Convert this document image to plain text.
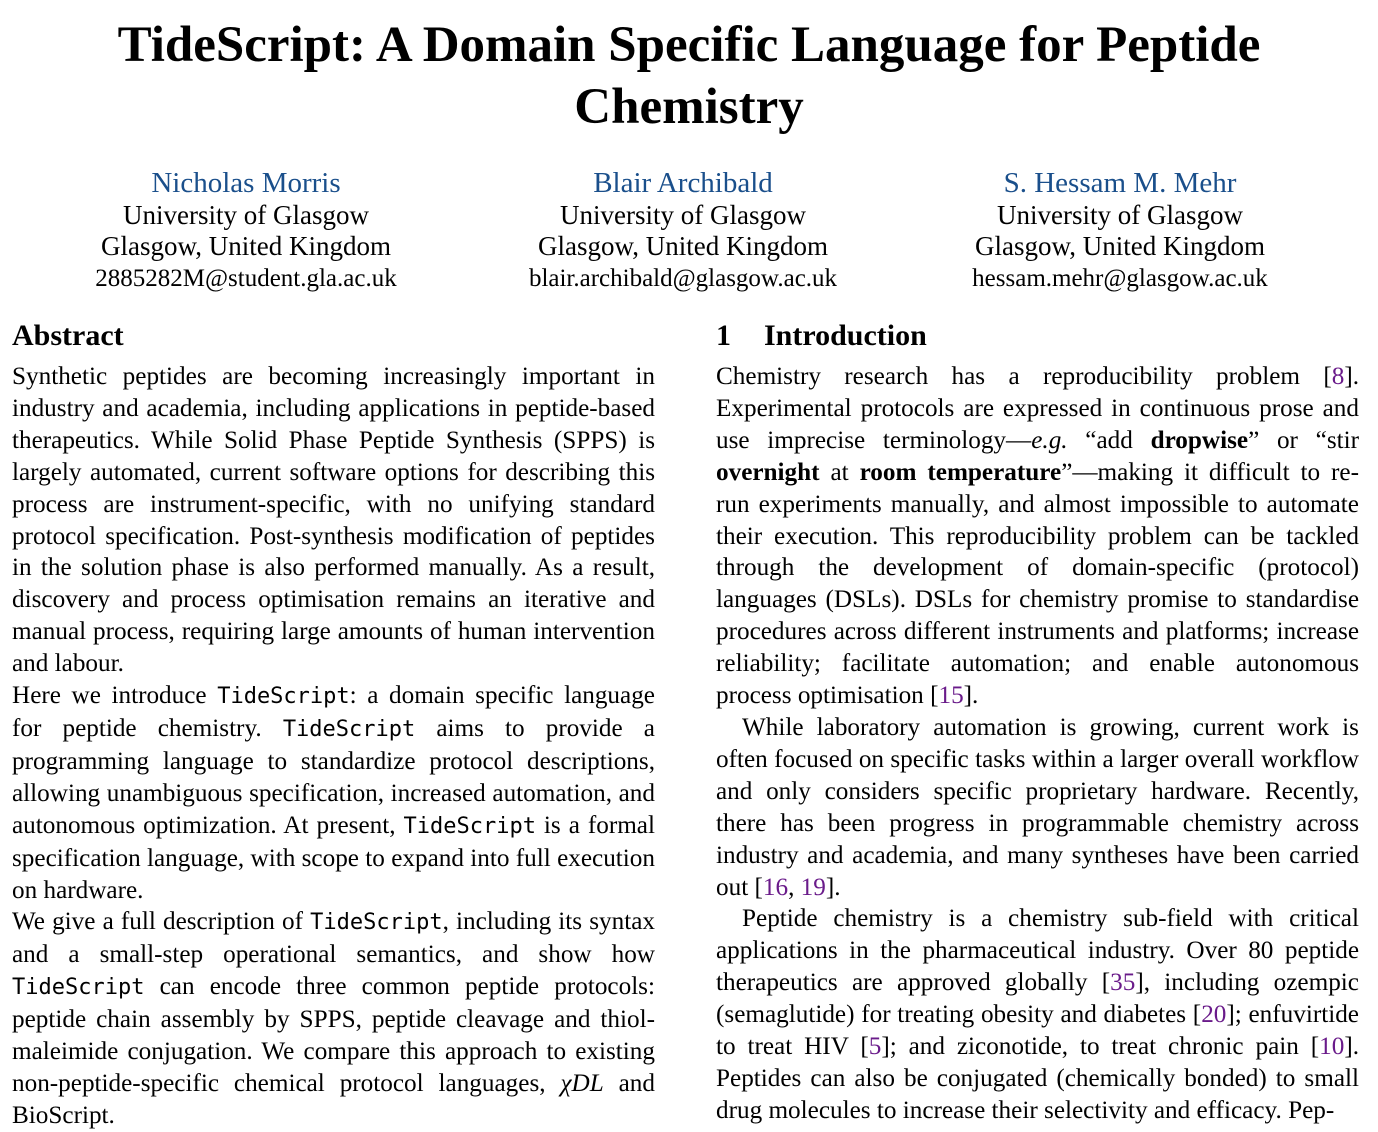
TideScript: A Domain Specific Language for Peptide Chemistry
Nicholas Morris
University of Glasgow
Glasgow, United Kingdom
2885282M@student.gla.ac.uk
Blair Archibald
University of Glasgow
Glasgow, United Kingdom
blair.archibald@glasgow.ac.uk
S. Hessam M. Mehr
University of Glasgow
Glasgow, United Kingdom
hessam.mehr@glasgow.ac.uk
Abstract

Synthetic peptides are becoming increasingly important in industry and academia, including applications in peptide-based therapeutics. While Solid Phase Peptide Synthesis (SPPS) is largely automated, current software options for describing this process are instrument-specific, with no unifying standard protocol specification. Post-synthesis modification of peptides in the solution phase is also performed manually. As a result, discovery and process optimisation remains an iterative and manual process, requiring large amounts of human intervention and labour.

Here we introduce TideScript: a domain specific language for peptide chemistry. TideScript aims to provide a programming language to standardize protocol descriptions, allowing unambiguous specification, increased automation, and autonomous optimization. At present, TideScript is a formal specification language, with scope to expand into full execution on hardware.

We give a full description of TideScript, including its syntax and a small-step operational semantics, and show how TideScript can encode three common peptide protocols: peptide chain assembly by SPPS, peptide cleavage and thiol-maleimide conjugation. We compare this approach to existing non-peptide-specific chemical protocol languages, χDL and BioScript.

1 Introduction

Chemistry research has a reproducibility problem [8]. Experimental protocols are expressed in continuous prose and use imprecise terminology—e.g. “add dropwise” or “stir overnight at room temperature”—making it difficult to re-run experiments manually, and almost impossible to automate their execution. This reproducibility problem can be tackled through the development of domain-specific (protocol) languages (DSLs). DSLs for chemistry promise to standardise procedures across different instruments and platforms; increase reliability; facilitate automation; and enable autonomous process optimisation [15].

While laboratory automation is growing, current work is often focused on specific tasks within a larger overall workflow and only considers specific proprietary hardware. Recently, there has been progress in programmable chemistry across industry and academia, and many syntheses have been carried out [16, 19].

Peptide chemistry is a chemistry sub-field with critical applications in the pharmaceutical industry. Over 80 peptide therapeutics are approved globally [35], including ozempic (semaglutide) for treating obesity and diabetes [20]; enfuvirtide to treat HIV [5]; and ziconotide, to treat chronic pain [10]. Peptides can also be conjugated (chemically bonded) to small drug molecules to increase their selectivity and efficacy. Pep-
